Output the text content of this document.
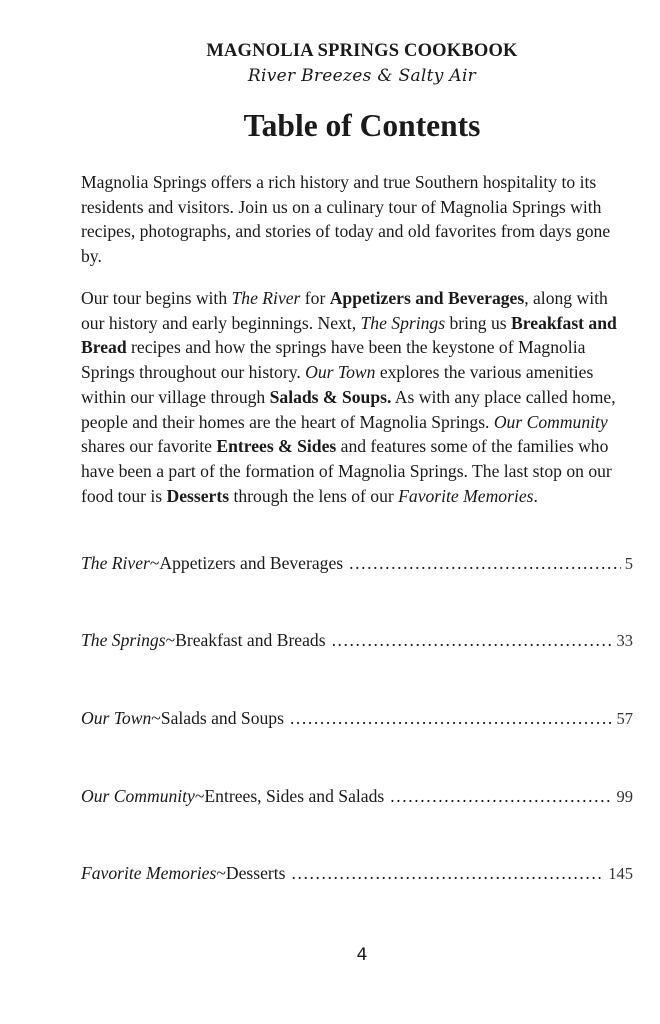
MAGNOLIA SPRINGS COOKBOOK
River Breezes & Salty Air
Table of Contents

Magnolia Springs offers a rich history and true Southern hospitality to its residents and visitors. Join us on a culinary tour of Magnolia Springs with recipes, photographs, and stories of today and old favorites from days gone by.

Our tour begins with The River for Appetizers and Beverages, along with our history and early beginnings. Next, The Springs bring us Breakfast and Bread recipes and how the springs have been the keystone of Magnolia Springs throughout our history. Our Town explores the various amenities within our village through Salads & Soups. As with any place called home, people and their homes are the heart of Magnolia Springs. Our Community shares our favorite Entrees & Sides and features some of the families who have been a part of the formation of Magnolia Springs. The last stop on our food tour is Desserts through the lens of our Favorite Memories.

The River ~ Appetizers and Beverages .....	5
The Springs ~ Breakfast and Breads .....	33
Our Town ~ Salads and Soups .....	57
Our Community ~ Entrees, Sides and Salads .....	99
Favorite Memories ~ Desserts .....	145
4
